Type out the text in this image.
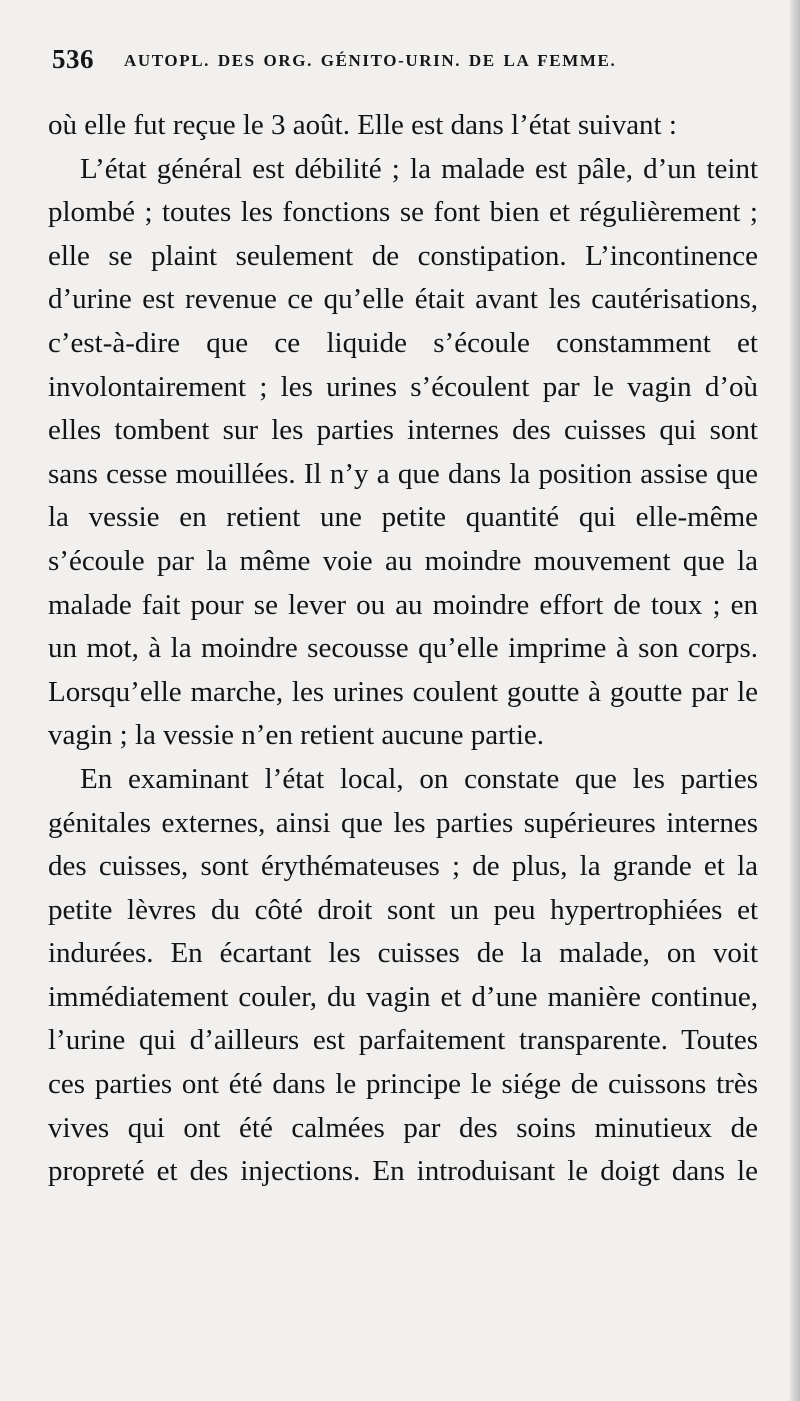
536 AUTOPL. DES ORG. GÉNITO-URIN. DE LA FEMME.

où elle fut reçue le 3 août. Elle est dans l’état suivant :

L’état général est débilité ; la malade est pâle, d’un teint plombé ; toutes les fonctions se font bien et régulièrement ; elle se plaint seulement de constipation. L’incontinence d’urine est revenue ce qu’elle était avant les cautérisations, c’est-à-dire que ce liquide s’écoule constamment et involontairement ; les urines s’écoulent par le vagin d’où elles tombent sur les parties internes des cuisses qui sont sans cesse mouillées. Il n’y a que dans la position assise que la vessie en retient une petite quantité qui elle-même s’écoule par la même voie au moindre mouvement que la malade fait pour se lever ou au moindre effort de toux ; en un mot, à la moindre secousse qu’elle imprime à son corps. Lorsqu’elle marche, les urines coulent goutte à goutte par le vagin ; la vessie n’en retient aucune partie.

En examinant l’état local, on constate que les parties génitales externes, ainsi que les parties supérieures internes des cuisses, sont érythémateuses ; de plus, la grande et la petite lèvres du côté droit sont un peu hypertrophiées et indurées. En écartant les cuisses de la malade, on voit immédiatement couler, du vagin et d’une manière continue, l’urine qui d’ailleurs est parfaitement transparente. Toutes ces parties ont été dans le principe le siége de cuissons très vives qui ont été calmées par des soins minutieux de propreté et des injections. En introduisant le doigt dans le
